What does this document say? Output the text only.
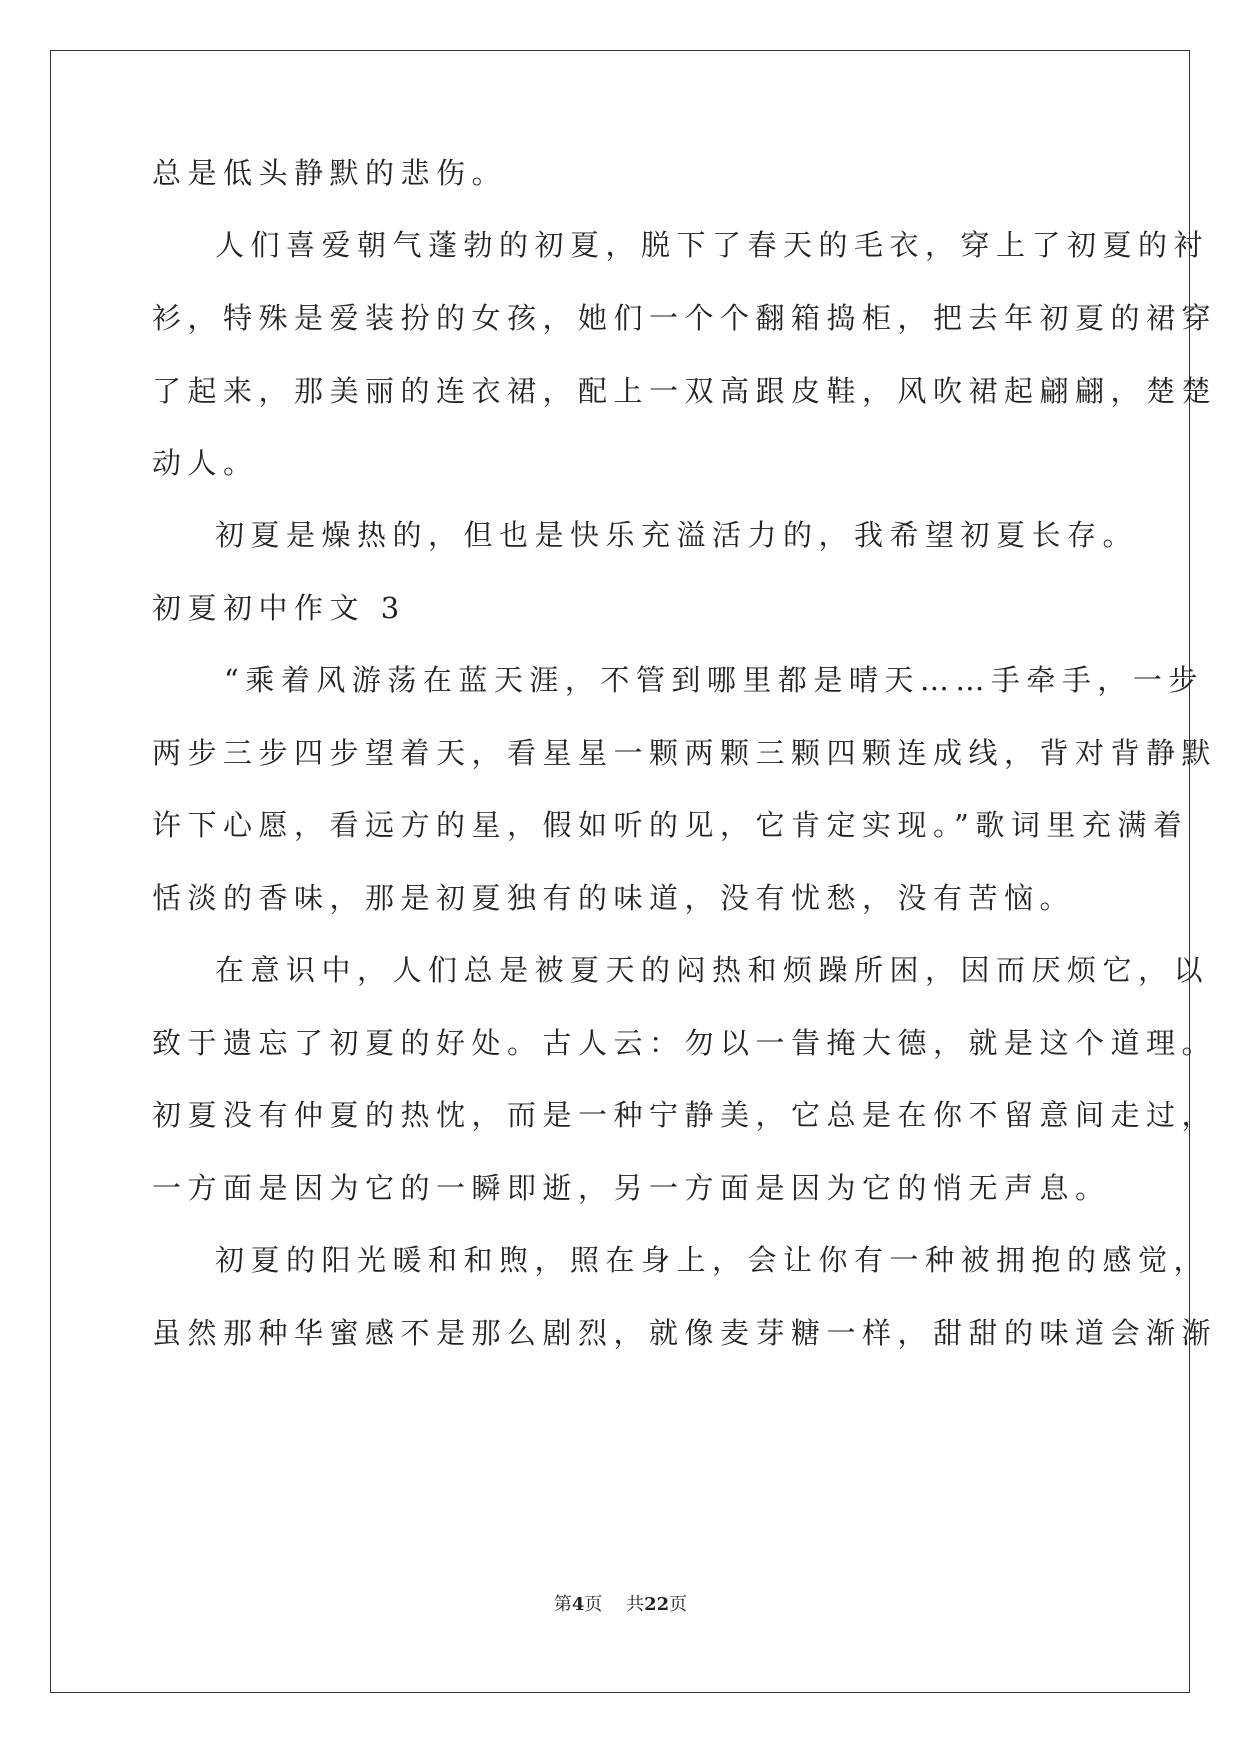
总是低头静默的悲伤。
人们喜爱朝气蓬勃的初夏，脱下了春天的毛衣，穿上了初夏的衬
衫，特殊是爱装扮的女孩，她们一个个翻箱捣柜，把去年初夏的裙穿
了起来，那美丽的连衣裙，配上一双高跟皮鞋，风吹裙起翩翩，楚楚
动人。
初夏是燥热的，但也是快乐充溢活力的，我希望初夏长存。
初夏初中作文 3
“乘着风游荡在蓝天涯，不管到哪里都是晴天……手牵手，一步
两步三步四步望着天，看星星一颗两颗三颗四颗连成线，背对背静默
许下心愿，看远方的星，假如听的见，它肯定实现。”歌词里充满着
恬淡的香味，那是初夏独有的味道，没有忧愁，没有苦恼。
在意识中，人们总是被夏天的闷热和烦躁所困，因而厌烦它，以
致于遗忘了初夏的好处。古人云：勿以一眚掩大德，就是这个道理。
初夏没有仲夏的热忱，而是一种宁静美，它总是在你不留意间走过，
一方面是因为它的一瞬即逝，另一方面是因为它的悄无声息。
初夏的阳光暖和和煦，照在身上，会让你有一种被拥抱的感觉，
虽然那种华蜜感不是那么剧烈，就像麦芽糖一样，甜甜的味道会渐渐
第4页   共22页
